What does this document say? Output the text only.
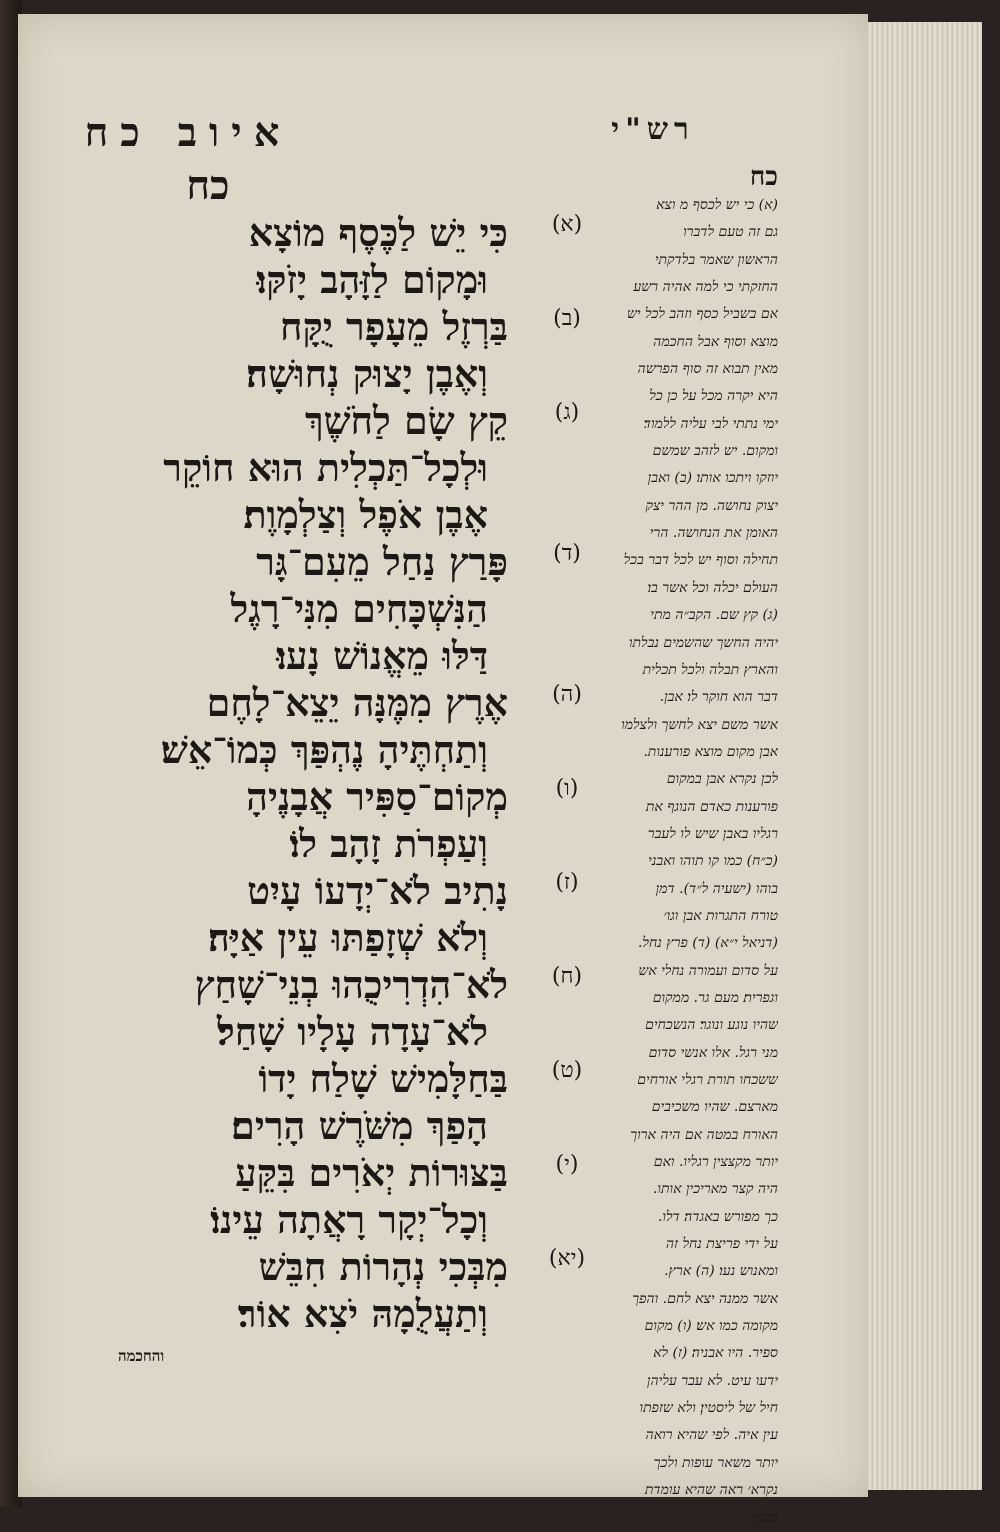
איוב כח	רש"י
כח
(א)
כִּי יֵשׁ לַכֶּסֶף מוֹצָא
וּמָקוֹם לַזָּהָב יָזֹקּוּ׃
(ב)
בַּרְזֶל מֵעָפָר יֻקָּח
וְאֶבֶן יָצוּק נְחוּשָׁה׃
(ג)
קֵץ שָׂם לַחֹשֶׁךְ
וּלְכָל־תַּכְלִית הוּא חוֹקֵר
אֶבֶן אֹפֶל וְצַלְמָוֶת׃
(ד)
פָּרַץ נַחַל מֵעִם־גָּר
הַנִּשְׁכָּחִים מִנִּי־רָגֶל
דַּלּוּ מֵאֱנוֹשׁ נָעוּ׃
(ה)
אֶרֶץ מִמֶּנָּה יֵצֵא־לָחֶם
וְתַחְתֶּיהָ נֶהְפַּךְ כְּמוֹ־אֵשׁ׃
(ו)
מְקוֹם־סַפִּיר אֲבָנֶיהָ
וְעַפְרֹת זָהָב לוֹ׃
(ז)
נָתִיב לֹא־יְדָעוֹ עָיִט
וְלֹא שְׁזָפַתּוּ עֵין אַיָּה׃
(ח)
לֹא־הִדְרִיכֻהוּ בְנֵי־שָׁחַץ
לֹא־עָדָה עָלָיו שָׁחַל׃
(ט)
בַּחַלָּמִישׁ שָׁלַח יָדוֹ
הָפַךְ מִשֹּׁרֶשׁ הָרִים׃
(י)
בַּצּוּרוֹת יְאֹרִים בִּקֵּעַ
וְכָל־יְקָר רָאֲתָה עֵינוֹ׃
(יא)
מִבְּכִי נְהָרוֹת חִבֵּשׁ
וְתַעֲלֻמָהּ יֹצִא אוֹר׃
כח
(א) כי יש לכסף מ וצא
גם זה טעם לדברו
הראשון שאמר בלדקתי
החזקתי כי למה אהיה רשע
אם בשביל כסף וזהב לכל יש
מוצא וסוף אבל החכמה
מאין תבוא זה סוף הפרשה
היא יקרה מכל על כן כל
ימי נתתי לבי עליה ללמוד׃
ומקום. יש לזהב שמשם
יוזקו ויתכו אותו׃ (ב) ואבן
יצוק נחושה. מן ההר יצק
האומן את הנחושה. הרי
תחילה וסוף יש לכל דבר בכל
העולם יכלה וכל אשר בו׃
(ג) קץ שם. הקב״ה מתי
יהיה החשך שהשמים נבלתו
והארץ תבלה ולכל תכלית
דבר הוא חוקר לו׃ אבן.
אשר משם יצא לחשך ולצלמו
אבן מקום מוצא פורענות.
לכן נקרא אבן במקום
פורענות כאדם הנוגף את
רגליו באבן שיש לו לעבר
(כ״ח) כמו קו תוהו ואבני
בוהו (ישעיה ל״ד). דמן
טורח התגרות אבן וגו׳
(דניאל י״א) (ד) פרץ נחל.
על סדום ועמורה נחלי אש
וגפרית׃ מעם גר. ממקום
שהיו נוגע ונוגר׃ הנשכחים
מני רגל. אלו אנשי סדום
ששכחו תורת רגלי אורחים
מארצם. שהיו משכיבים
האורח במטה אם היה ארוך
יותר מקצצין רגליו. ואם
היה קצר מאריכין אותו.
כך מפורש באגדה׃ דלו.
על ידי פריצת נחל זה
ומאנוש נעו׃ (ה) ארץ.
אשר ממנה יצא לחם. והפך
מקומה כמו אש׃ (ו) מקום
ספיר. היו אבניה׃ (ז) לא
ידעו עיט. לא עבר עליהן
חיל של ליסטין׃ ולא שזפתו
עין איה. לפי שהיא רואה
יותר משאר עופות ולכך
נקרא׳ ראה שהיא עומדת
בכנף
והחכמה
